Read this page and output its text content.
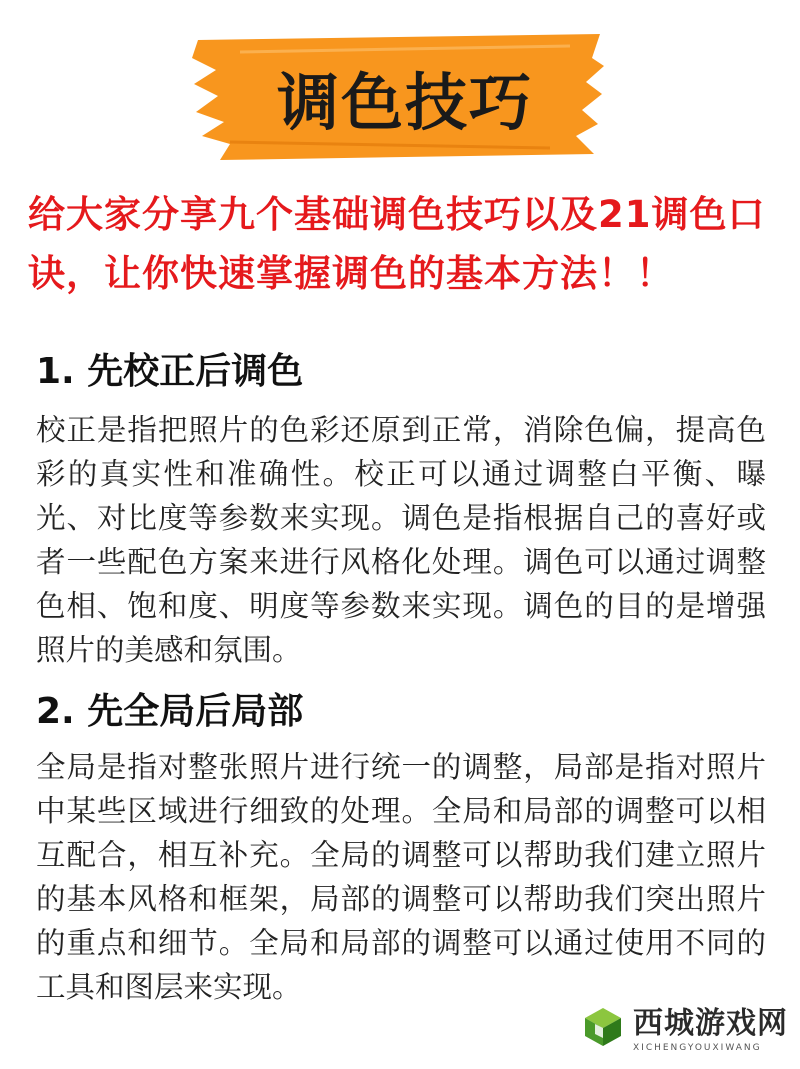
调色技巧
给大家分享九个基础调色技巧以及21调色口诀，让你快速掌握调色的基本方法！！
1. 先校正后调色
校正是指把照片的色彩还原到正常，消除色偏，提高色彩的真实性和准确性。校正可以通过调整白平衡、曝光、对比度等参数来实现。调色是指根据自己的喜好或者一些配色方案来进行风格化处理。调色可以通过调整色相、饱和度、明度等参数来实现。调色的目的是增强照片的美感和氛围。
2. 先全局后局部
全局是指对整张照片进行统一的调整，局部是指对照片中某些区域进行细致的处理。全局和局部的调整可以相互配合，相互补充。全局的调整可以帮助我们建立照片的基本风格和框架，局部的调整可以帮助我们突出照片的重点和细节。全局和局部的调整可以通过使用不同的工具和图层来实现。
西城游戏网
XICHENGYOUXIWANG
